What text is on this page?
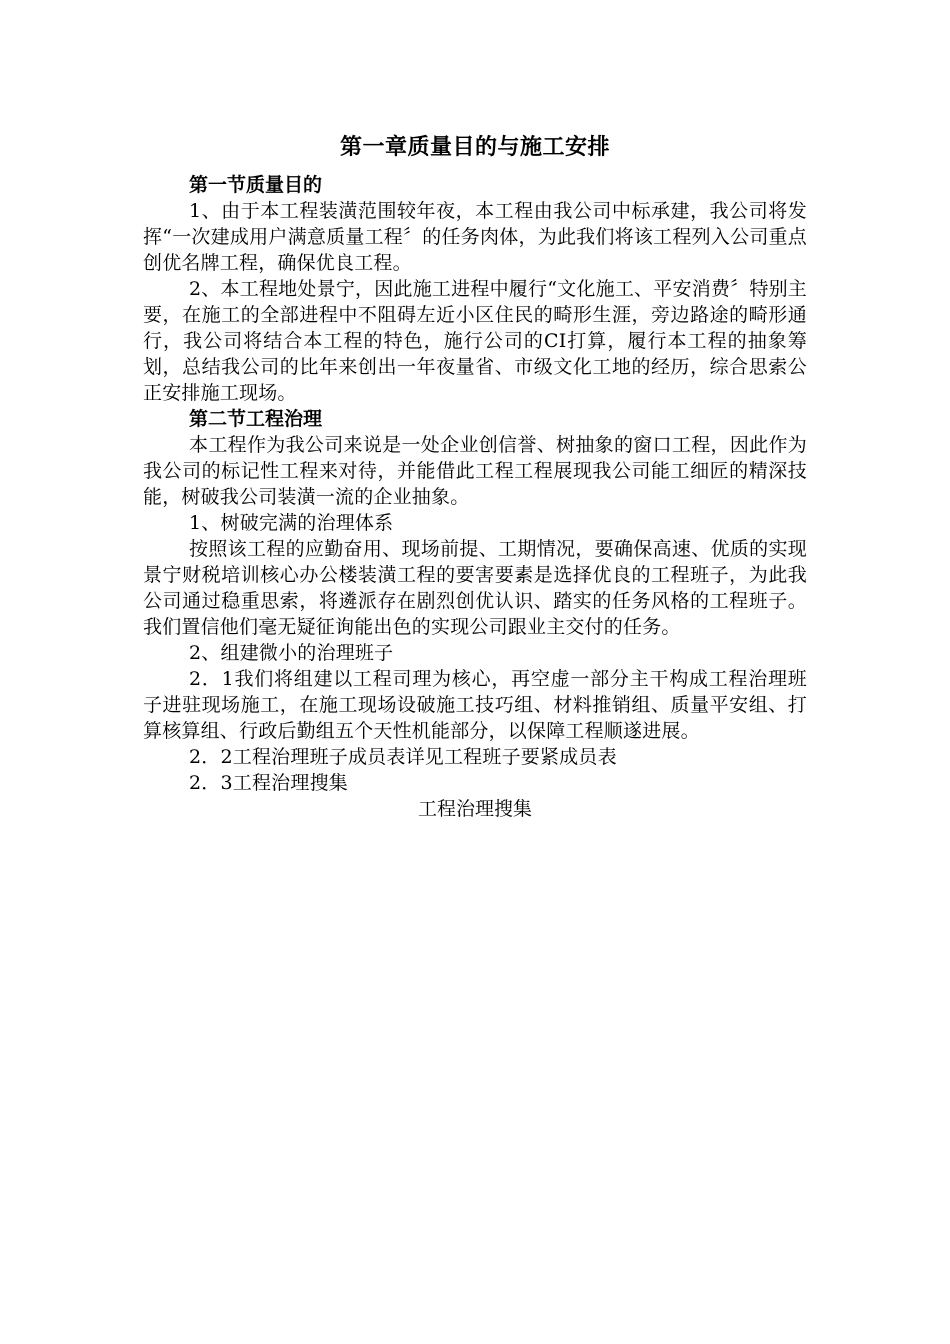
第一章质量目的与施工安排
第一节质量目的

1、由于本工程装潢范围较年夜，本工程由我公司中标承建，我公司将发挥“一次建成用户满意质量工程〞的任务肉体，为此我们将该工程列入公司重点创优名牌工程，确保优良工程。

2、本工程地处景宁，因此施工进程中履行“文化施工、平安消费〞特别主要，在施工的全部进程中不阻碍左近小区住民的畸形生涯，旁边路途的畸形通行，我公司将结合本工程的特色，施行公司的CI打算，履行本工程的抽象筹划，总结我公司的比年来创出一年夜量省、市级文化工地的经历，综合思索公正安排施工现场。

第二节工程治理

本工程作为我公司来说是一处企业创信誉、树抽象的窗口工程，因此作为我公司的标记性工程来对待，并能借此工程工程展现我公司能工细匠的精深技能，树破我公司装潢一流的企业抽象。

1、树破完满的治理体系

按照该工程的应勤奋用、现场前提、工期情况，要确保高速、优质的实现景宁财税培训核心办公楼装潢工程的要害要素是选择优良的工程班子，为此我公司通过稳重思索，将遴派存在剧烈创优认识、踏实的任务风格的工程班子。我们置信他们毫无疑征询能出色的实现公司跟业主交付的任务。

2、组建微小的治理班子

2．1我们将组建以工程司理为核心，再空虚一部分主干构成工程治理班子进驻现场施工，在施工现场设破施工技巧组、材料推销组、质量平安组、打算核算组、行政后勤组五个天性机能部分，以保障工程顺遂进展。

2．2工程治理班子成员表详见工程班子要紧成员表

2．3工程治理搜集

工程治理搜集
